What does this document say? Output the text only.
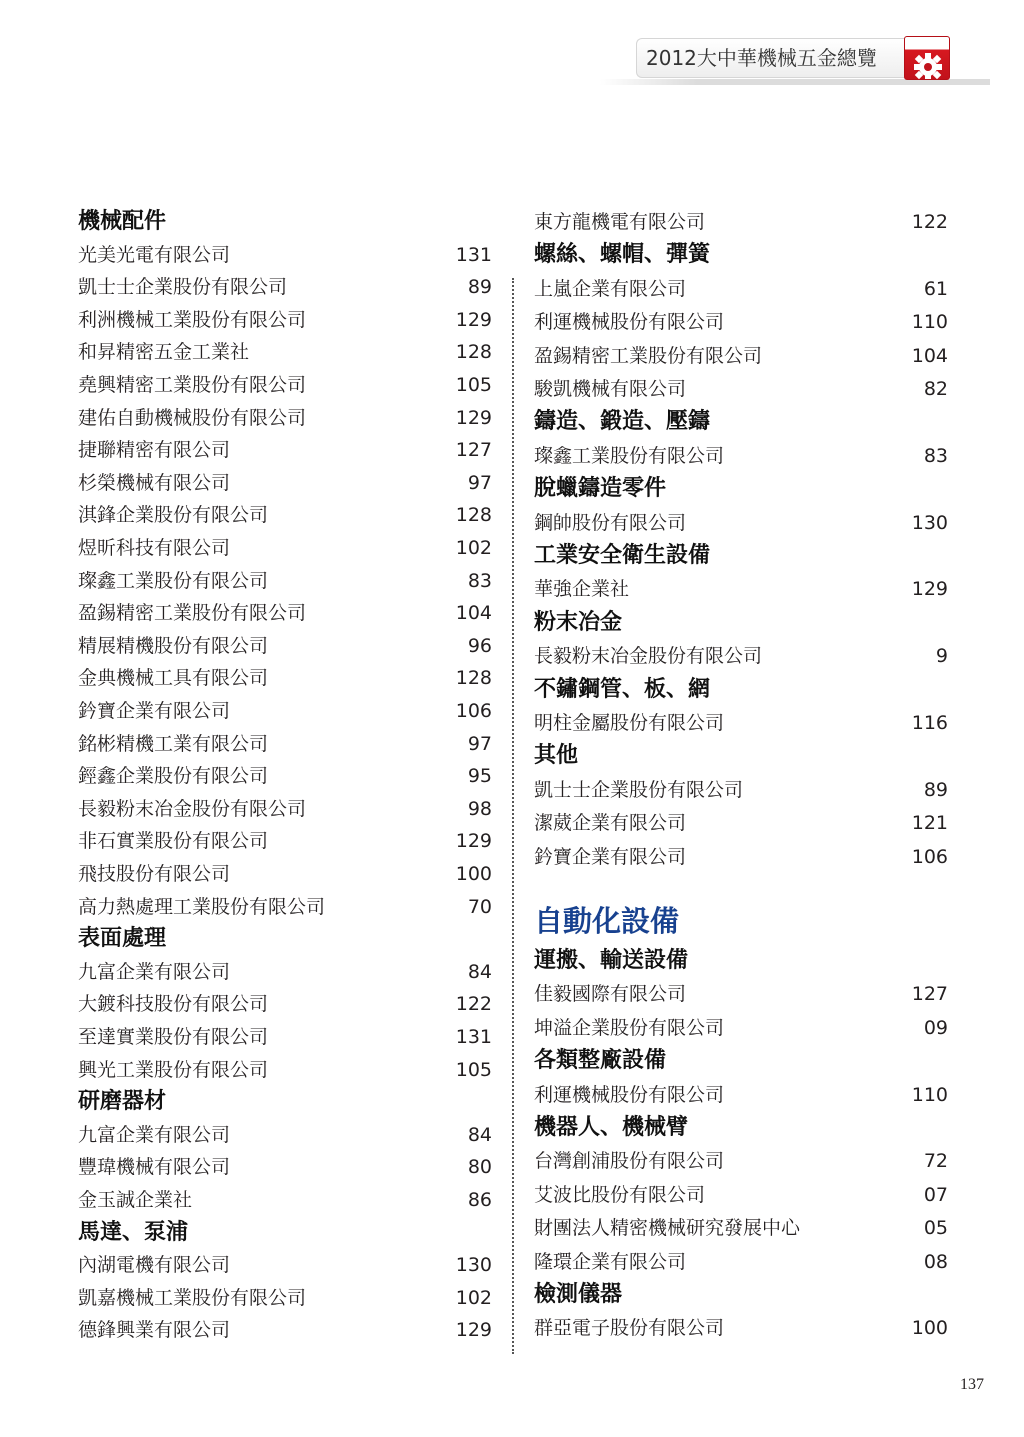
2012大中華機械五金總覽
機械配件
光美光電有限公司	131
凱士士企業股份有限公司	89
利洲機械工業股份有限公司	129
和昇精密五金工業社	128
堯興精密工業股份有限公司	105
建佑自動機械股份有限公司	129
捷聯精密有限公司	127
杉榮機械有限公司	97
淇鋒企業股份有限公司	128
煜昕科技有限公司	102
璨鑫工業股份有限公司	83
盈錫精密工業股份有限公司	104
精展精機股份有限公司	96
金典機械工具有限公司	128
鈐寶企業有限公司	106
銘彬精機工業有限公司	97
鋞鑫企業股份有限公司	95
長毅粉末冶金股份有限公司	98
非石實業股份有限公司	129
飛技股份有限公司	100
高力熱處理工業股份有限公司	70
表面處理
九富企業有限公司	84
大鍍科技股份有限公司	122
至達實業股份有限公司	131
興光工業股份有限公司	105
研磨器材
九富企業有限公司	84
豐瑋機械有限公司	80
金玉誠企業社	86
馬達、泵浦
內湖電機有限公司	130
凱嘉機械工業股份有限公司	102
德鋒興業有限公司	129
東方龍機電有限公司	122
螺絲、螺帽、彈簧
上嵐企業有限公司	61
利運機械股份有限公司	110
盈錫精密工業股份有限公司	104
駿凱機械有限公司	82
鑄造、鍛造、壓鑄
璨鑫工業股份有限公司	83
脫蠟鑄造零件
鋼帥股份有限公司	130
工業安全衛生設備
華強企業社	129
粉末冶金
長毅粉末冶金股份有限公司	9
不鏽鋼管、板、網
明柱金屬股份有限公司	116
其他
凱士士企業股份有限公司	89
潔葳企業有限公司	121
鈐寶企業有限公司	106
自動化設備
運搬、輸送設備
佳毅國際有限公司	127
坤溢企業股份有限公司	09
各類整廠設備
利運機械股份有限公司	110
機器人、機械臂
台灣創浦股份有限公司	72
艾波比股份有限公司	07
財團法人精密機械研究發展中心	05
隆環企業有限公司	08
檢測儀器
群亞電子股份有限公司	100
137
